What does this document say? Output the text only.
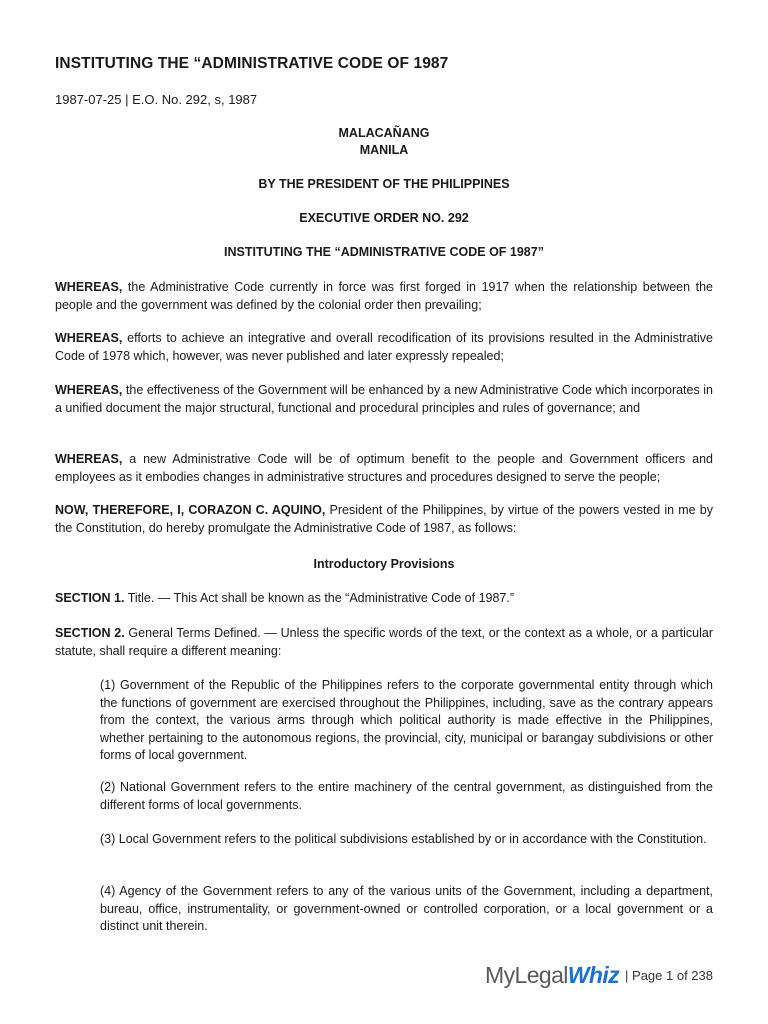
INSTITUTING THE “ADMINISTRATIVE CODE OF 1987
1987-07-25 | E.O. No. 292, s, 1987
MALACAÑANG
MANILA
BY THE PRESIDENT OF THE PHILIPPINES
EXECUTIVE ORDER NO. 292
INSTITUTING THE “ADMINISTRATIVE CODE OF 1987”

WHEREAS, the Administrative Code currently in force was first forged in 1917 when the relationship between the people and the government was defined by the colonial order then prevailing;

WHEREAS, efforts to achieve an integrative and overall recodification of its provisions resulted in the Administrative Code of 1978 which, however, was never published and later expressly repealed;

WHEREAS, the effectiveness of the Government will be enhanced by a new Administrative Code which incorporates in a unified document the major structural, functional and procedural principles and rules of governance; and

WHEREAS, a new Administrative Code will be of optimum benefit to the people and Government officers and employees as it embodies changes in administrative structures and procedures designed to serve the people;

NOW, THEREFORE, I, CORAZON C. AQUINO, President of the Philippines, by virtue of the powers vested in me by the Constitution, do hereby promulgate the Administrative Code of 1987, as follows:

Introductory Provisions

SECTION 1. Title. — This Act shall be known as the “Administrative Code of 1987.”

SECTION 2. General Terms Defined. — Unless the specific words of the text, or the context as a whole, or a particular statute, shall require a different meaning:

(1) Government of the Republic of the Philippines refers to the corporate governmental entity through which the functions of government are exercised throughout the Philippines, including, save as the contrary appears from the context, the various arms through which political authority is made effective in the Philippines, whether pertaining to the autonomous regions, the provincial, city, municipal or barangay subdivisions or other forms of local government.

(2) National Government refers to the entire machinery of the central government, as distinguished from the different forms of local governments.

(3) Local Government refers to the political subdivisions established by or in accordance with the Constitution.

(4) Agency of the Government refers to any of the various units of the Government, including a department, bureau, office, instrumentality, or government-owned or controlled corporation, or a local government or a distinct unit therein.

MyLegalWhiz | Page 1 of 238
